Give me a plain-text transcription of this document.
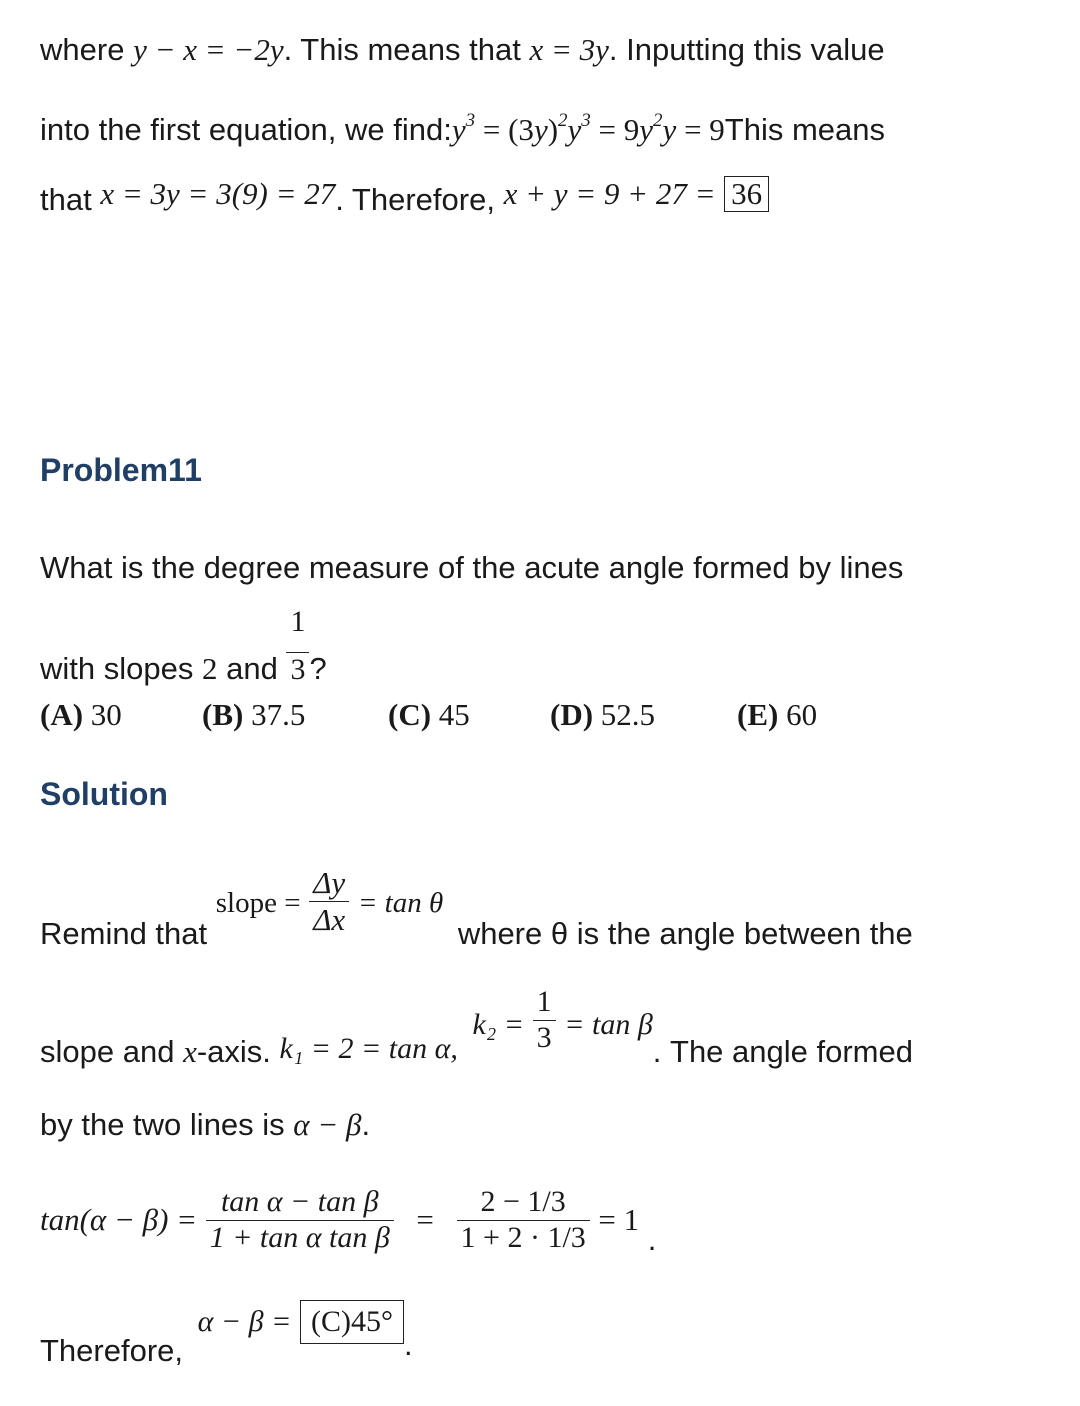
where y − x = −2y. This means that x = 3y. Inputting this value
into the first equation, we $find:y^3 = (3y)^2y^3 = 9y^2y$ = 9This means
that x = 3y = 3(9) = 27. Therefore, x + y = 9 + 27 = 36
Problem11
What is the degree measure of the acute angle formed by lines
with slopes 2 and $\frac{1}{3}$ ?
(A) 30	(B) 37.5	(C) 45	(D) 52.5	(E) 60
Solution
Remind that slope = $\frac{\Delta y}{\Delta x} = \tan \theta$ where θ is the angle between the
slope and x-axis. k₁ = 2 = tan α, $k_2 = \frac{1}{3} = \tan \beta$. The angle formed
by the two lines is α − β.
$\tan(\alpha - \beta) = \frac{\text{tan α − tan β}}{\text{1 + tan α tan β}} = \frac{2 - 1/3}{1 + 2 \cdot 1/3} = 1$ .
Therefore, α − β = (C)45°.
